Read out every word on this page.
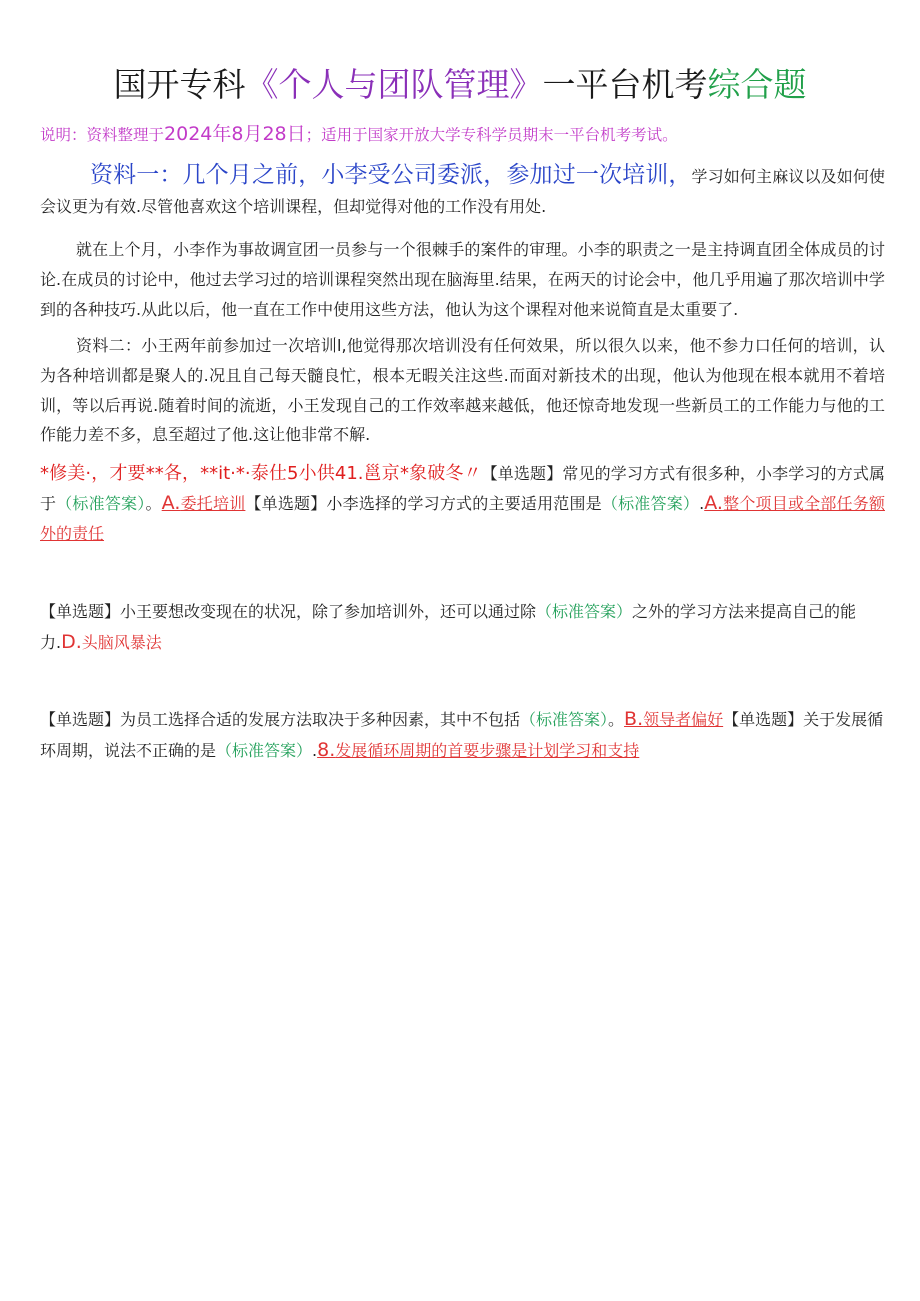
国开专科《个人与团队管理》一平台机考综合题
说明：资料整理于2024年8月28日；适用于国家开放大学专科学员期末一平台机考考试。
资料一：几个月之前，小李受公司委派，参加过一次培训，学习如何主麻议以及如何使会议更为有效.尽管他喜欢这个培训课程，但却觉得对他的工作没有用处.
就在上个月，小李作为事故调宣团一员参与一个很棘手的案件的审理。小李的职责之一是主持调直团全体成员的讨论.在成员的讨论中，他过去学习过的培训课程突然出现在脑海里.结果，在两天的讨论会中，他几乎用遍了那次培训中学到的各种技巧.从此以后，他一直在工作中使用这些方法，他认为这个课程对他来说简直是太重要了.
资料二：小王两年前参加过一次培训l,他觉得那次培训没有任何效果，所以很久以来，他不参力口任何的培训，认为各种培训都是聚人的.况且自己每天髓良忙，根本无暇关注这些.而面对新技术的出现，他认为他现在根本就用不着培训，等以后再说.随着时间的流逝，小王发现自己的工作效率越来越低，他还惊奇地发现一些新员工的工作能力与他的工作能力差不多，息至超过了他.这让他非常不解.
*修美·，才要**各，**it·*·泰仕5小供41.邕京*象破冬〃【单选题】常见的学习方式有很多种，小李学习的方式属于（标准答案）。A.委托培训【单选题】小李选择的学习方式的主要适用范围是（标准答案）.A.整个项目或全部任务额外的责任
【单选题】小王要想改变现在的状况，除了参加培训外，还可以通过除（标准答案）之外的学习方法来提高自己的能力.D.头脑风暴法
【单选题】为员工选择合适的发展方法取决于多种因素，其中不包括（标准答案）。B.领导者偏好【单选题】关于发展循环周期，说法不正确的是（标准答案）.8.发展循环周期的首要步骤是计划学习和支持
